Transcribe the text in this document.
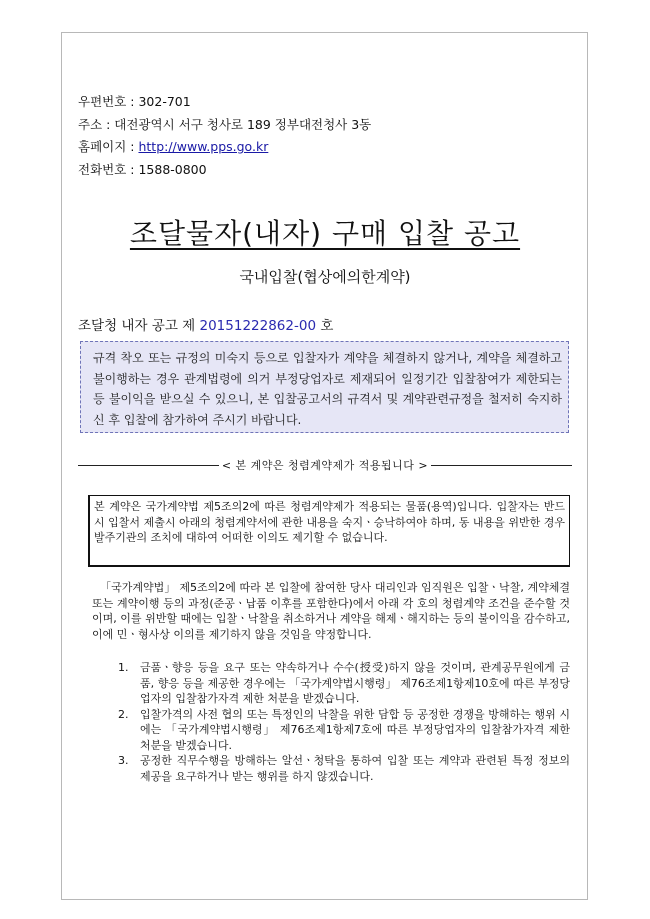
우편번호 : 302-701
주소 : 대전광역시 서구 청사로 189 정부대전청사 3동
홈페이지 : http://www.pps.go.kr
전화번호 : 1588-0800
조달물자(내자) 구매 입찰 공고
국내입찰(협상에의한계약)
조달청 내자 공고 제 20151222862-00 호
규격 착오 또는 규정의 미숙지 등으로 입찰자가 계약을 체결하지 않거나, 계약을 체결하고 불이행하는 경우 관계법령에 의거 부정당업자로 제재되어 일정기간 입찰참여가 제한되는 등 불이익을 받으실 수 있으니, 본 입찰공고서의 규격서 및 계약관련규정을 철저히 숙지하신 후 입찰에 참가하여 주시기 바랍니다.
< 본 계약은 청렴계약제가 적용됩니다 >
본 계약은 국가계약법 제5조의2에 따른 청렴계약제가 적용되는 물품(용역)입니다. 입찰자는 반드시 입찰서 제출시 아래의 청렴계약서에 관한 내용을 숙지ㆍ승낙하여야 하며, 동 내용을 위반한 경우 발주기관의 조치에 대하여 어떠한 이의도 제기할 수 없습니다.
「국가계약법」 제5조의2에 따라 본 입찰에 참여한 당사 대리인과 임직원은 입찰ㆍ낙찰, 계약체결 또는 계약이행 등의 과정(준공ㆍ납품 이후를 포함한다)에서 아래 각 호의 청렴계약 조건을 준수할 것이며, 이를 위반할 때에는 입찰ㆍ낙찰을 취소하거나 계약을 해제ㆍ해지하는 등의 불이익을 감수하고, 이에 민ㆍ형사상 이의를 제기하지 않을 것임을 약정합니다.
1. 금품ㆍ향응 등을 요구 또는 약속하거나 수수(授受)하지 않을 것이며, 관계공무원에게 금품, 향응 등을 제공한 경우에는 「국가계약법시행령」 제76조제1항제10호에 따른 부정당업자의 입찰참가자격 제한 처분을 받겠습니다.
2. 입찰가격의 사전 협의 또는 특정인의 낙찰을 위한 담합 등 공정한 경쟁을 방해하는 행위 시에는 「국가계약법시행령」 제76조제1항제7호에 따른 부정당업자의 입찰참가자격 제한 처분을 받겠습니다.
3. 공정한 직무수행을 방해하는 알선ㆍ청탁을 통하여 입찰 또는 계약과 관련된 특정 정보의 제공을 요구하거나 받는 행위를 하지 않겠습니다.
